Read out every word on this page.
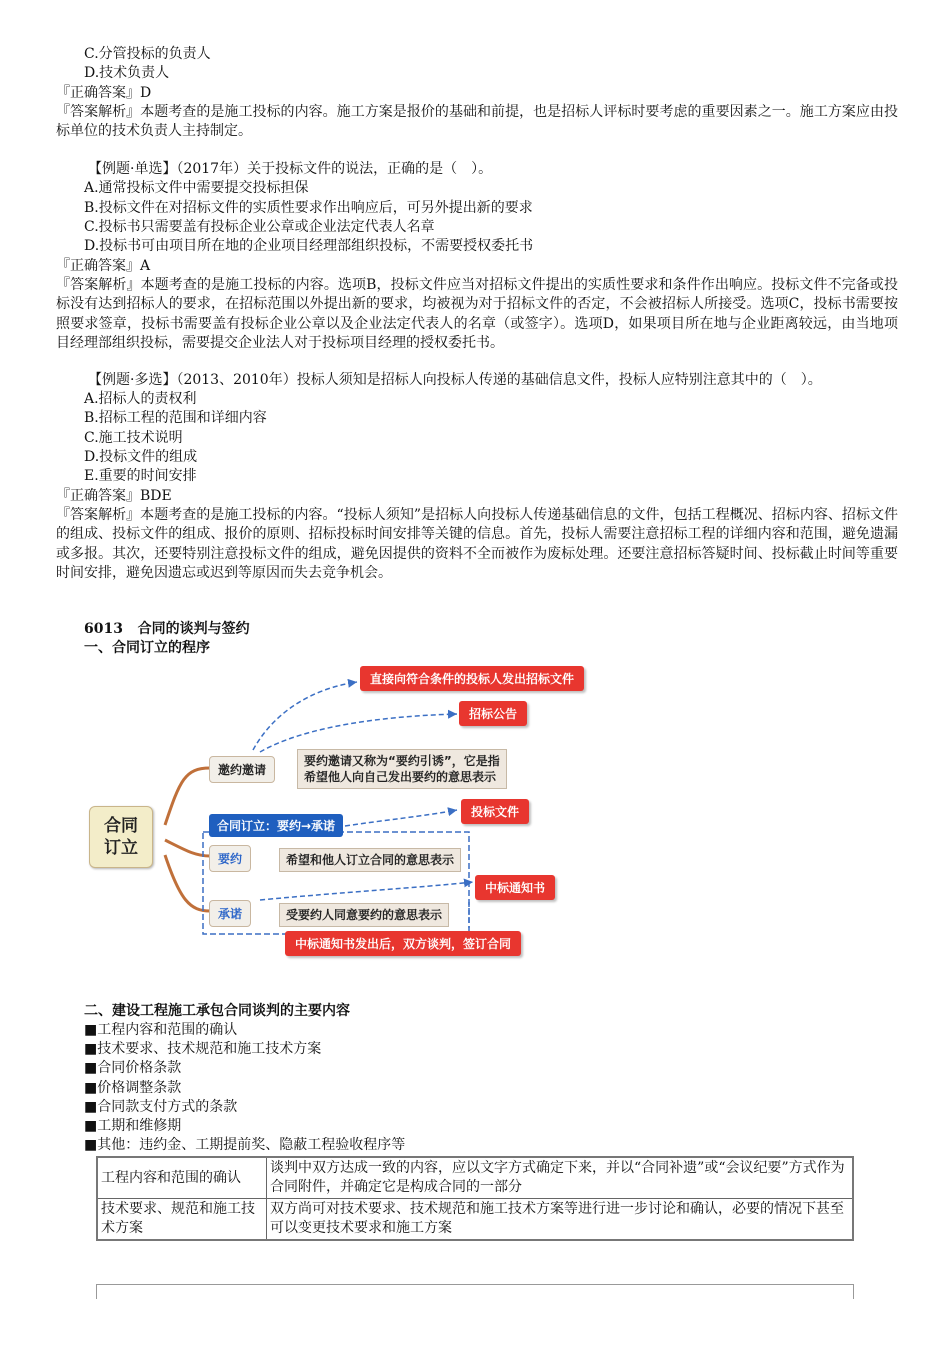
C.分管投标的负责人
D.技术负责人
『正确答案』D
『答案解析』本题考查的是施工投标的内容。施工方案是报价的基础和前提，也是招标人评标时要考虑的重要因素之一。施工方案应由投标单位的技术负责人主持制定。
【例题·单选】（2017年）关于投标文件的说法，正确的是（　）。
A.通常投标文件中需要提交投标担保
B.投标文件在对招标文件的实质性要求作出响应后，可另外提出新的要求
C.投标书只需要盖有投标企业公章或企业法定代表人名章
D.投标书可由项目所在地的企业项目经理部组织投标，不需要授权委托书
『正确答案』A
『答案解析』本题考查的是施工投标的内容。选项B，投标文件应当对招标文件提出的实质性要求和条件作出响应。投标文件不完备或投标没有达到招标人的要求，在招标范围以外提出新的要求，均被视为对于招标文件的否定，不会被招标人所接受。选项C，投标书需要按照要求签章，投标书需要盖有投标企业公章以及企业法定代表人的名章（或签字）。选项D，如果项目所在地与企业距离较远，由当地项目经理部组织投标，需要提交企业法人对于投标项目经理的授权委托书。
【例题·多选】（2013、2010年）投标人须知是招标人向投标人传递的基础信息文件，投标人应特别注意其中的（　）。
A.招标人的责权利
B.招标工程的范围和详细内容
C.施工技术说明
D.投标文件的组成
E.重要的时间安排
『正确答案』BDE
『答案解析』本题考查的是施工投标的内容。“投标人须知”是招标人向投标人传递基础信息的文件，包括工程概况、招标内容、招标文件的组成、投标文件的组成、报价的原则、招标投标时间安排等关键的信息。首先，投标人需要注意招标工程的详细内容和范围，避免遗漏或多报。其次，还要特别注意投标文件的组成，避免因提供的资料不全而被作为废标处理。还要注意招标答疑时间、投标截止时间等重要时间安排，避免因遗忘或迟到等原因而失去竞争机会。
6013 合同的谈判与签约
一、合同订立的程序
合同
订立
邀约邀请
要约邀请又称为“要约引诱”，它是指
希望他人向自己发出要约的意思表示
直接向符合条件的投标人发出招标文件
招标公告
合同订立：要约→承诺
投标文件
要约	希望和他人订立合同的意思表示
承诺	受要约人同意要约的意思表示
中标通知书
中标通知书发出后，双方谈判，签订合同
二、建设工程施工承包合同谈判的主要内容
■工程内容和范围的确认
■技术要求、技术规范和施工技术方案
■合同价格条款
■价格调整条款
■合同款支付方式的条款
■工期和维修期
■其他：违约金、工期提前奖、隐蔽工程验收程序等
工程内容和范围的确认	谈判中双方达成一致的内容，应以文字方式确定下来，并以“合同补遗”或“会议纪要”方式作为合同附件，并确定它是构成合同的一部分
技术要求、规范和施工技术方案	双方尚可对技术要求、技术规范和施工技术方案等进行进一步讨论和确认，必要的情况下甚至可以变更技术要求和施工方案
